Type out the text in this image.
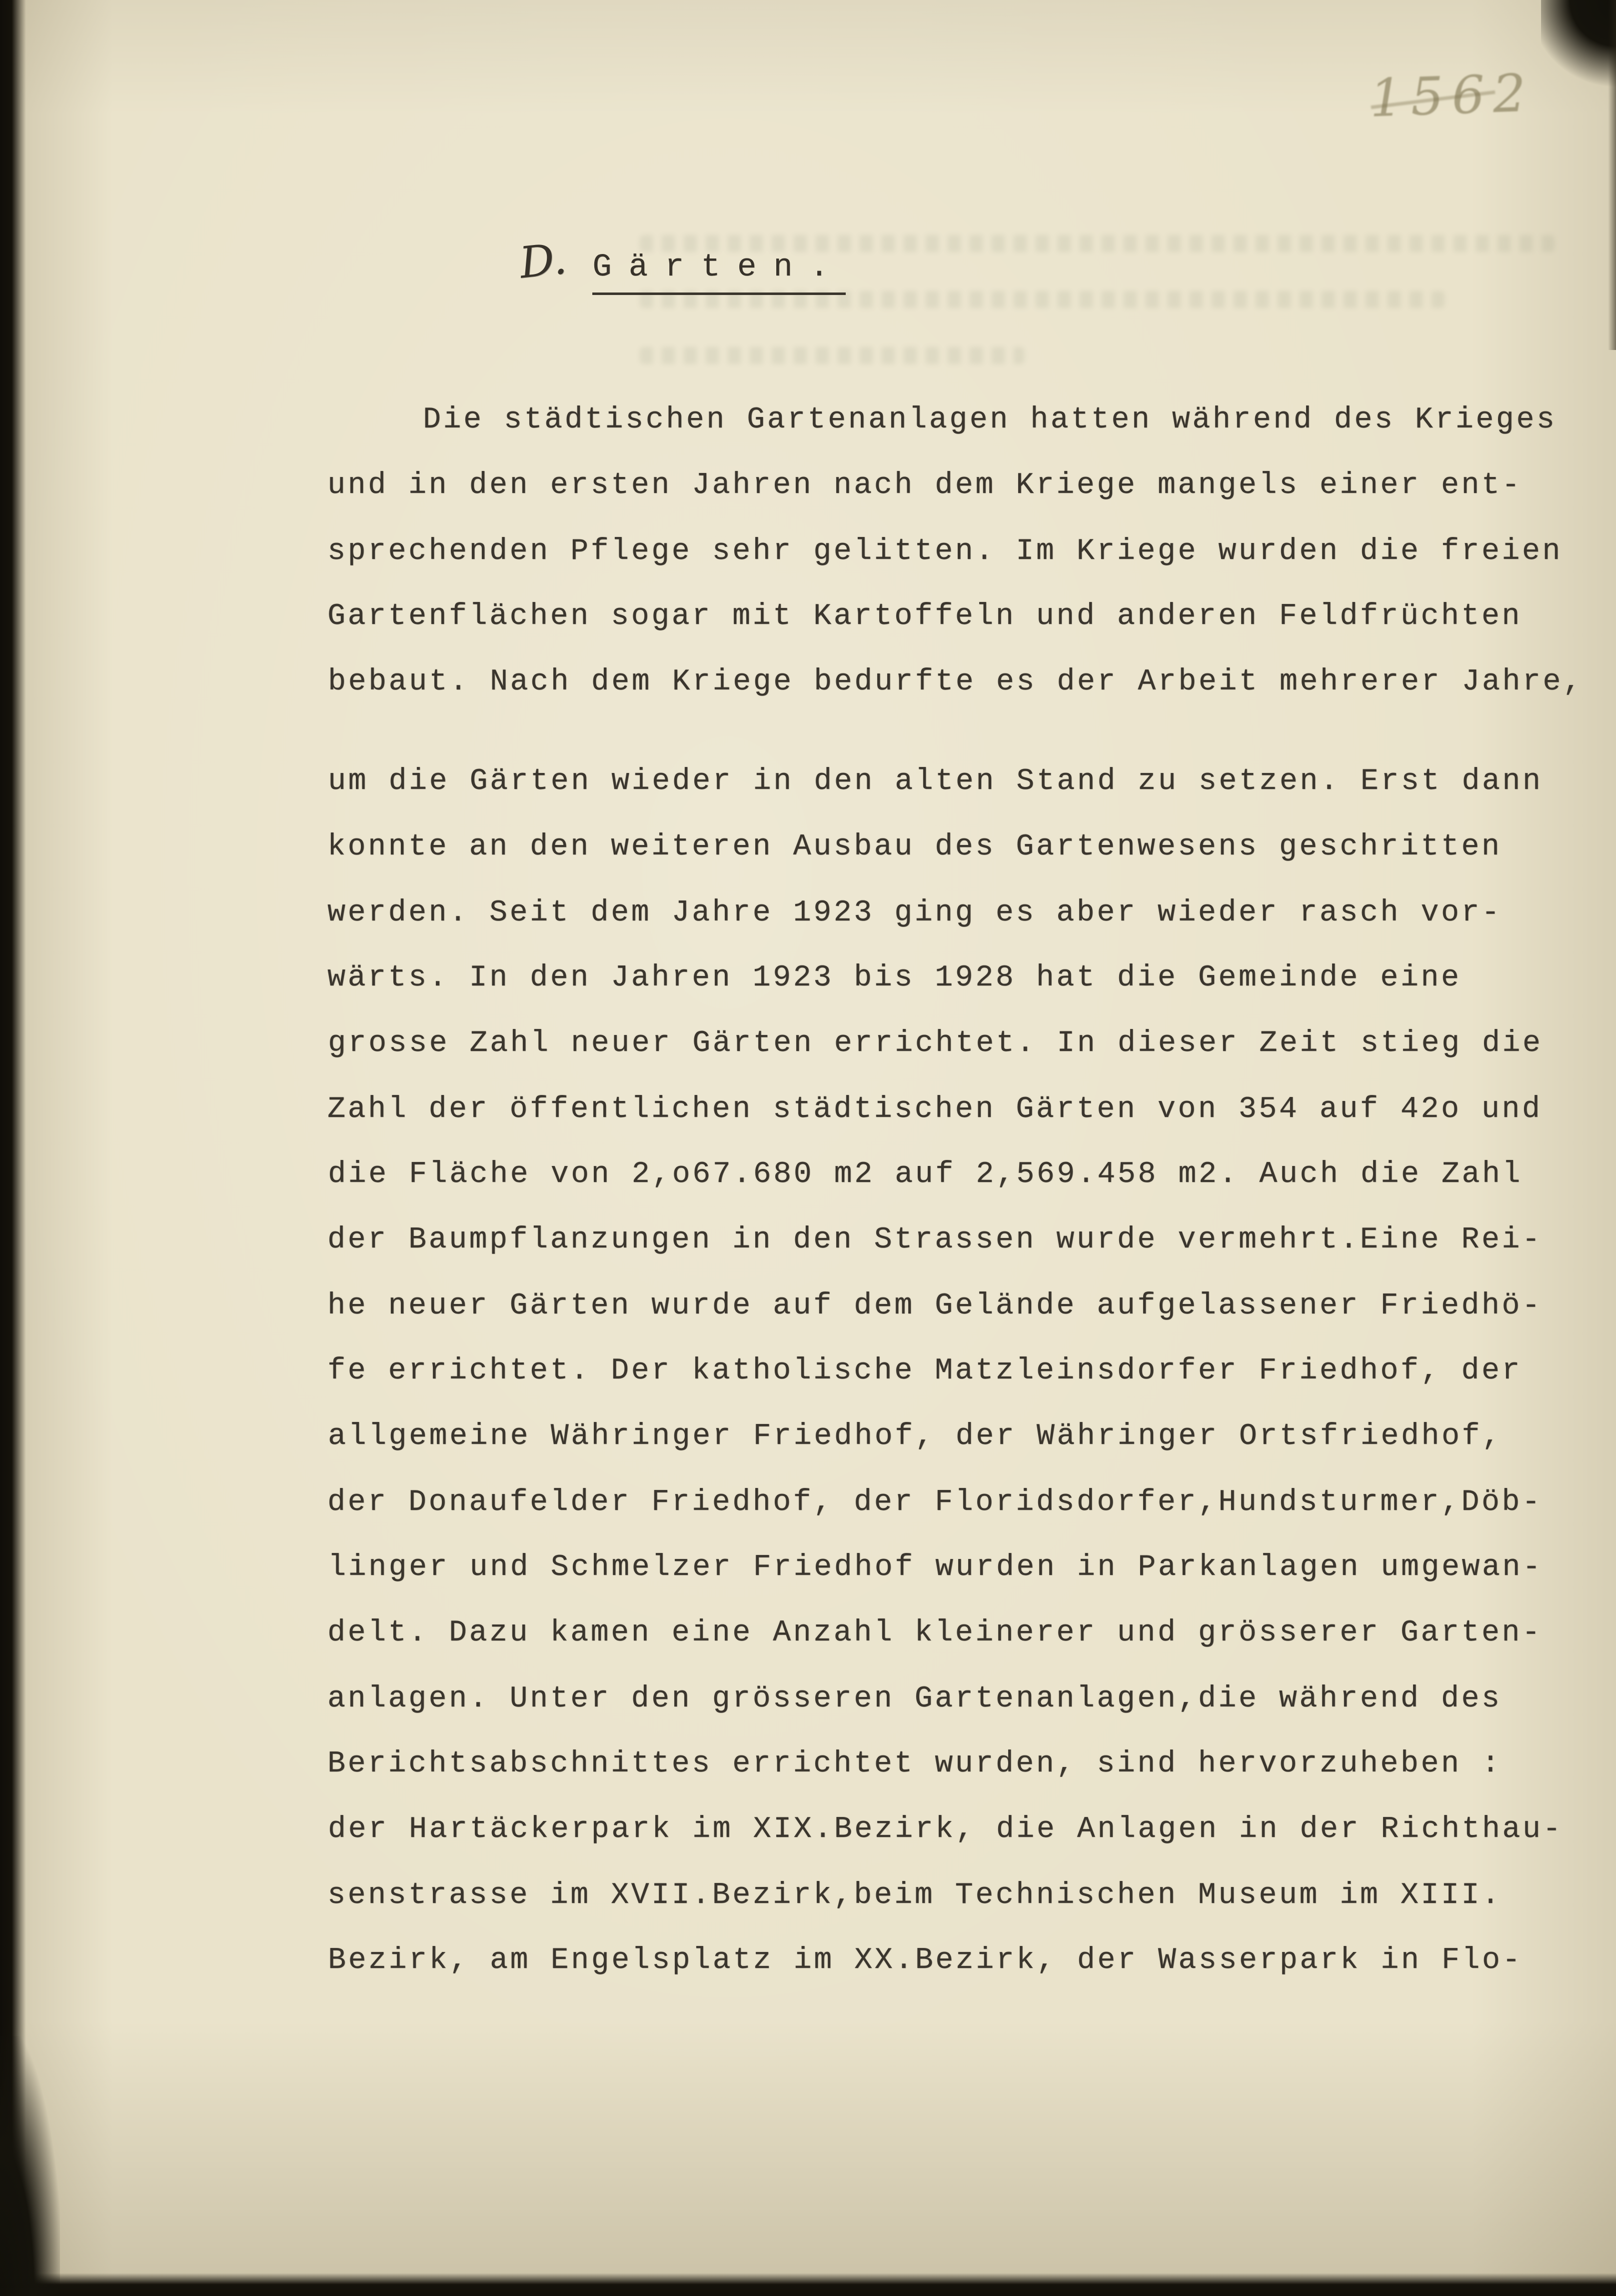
1562
D. Gärten.
Die städtischen Gartenanlagen hatten während des Krieges
und in den ersten Jahren nach dem Kriege mangels einer ent-
sprechenden Pflege sehr gelitten. Im Kriege wurden die freien
Gartenflächen sogar mit Kartoffeln und anderen Feldfrüchten
bebaut. Nach dem Kriege bedurfte es der Arbeit mehrerer Jahre,
um die Gärten wieder in den alten Stand zu setzen. Erst dann
konnte an den weiteren Ausbau des Gartenwesens geschritten
werden. Seit dem Jahre 1923 ging es aber wieder rasch vor-
wärts. In den Jahren 1923 bis 1928 hat die Gemeinde eine
grosse Zahl neuer Gärten errichtet. In dieser Zeit stieg die
Zahl der öffentlichen städtischen Gärten von 354 auf 42o und
die Fläche von 2,o67.680 m2 auf 2,569.458 m2. Auch die Zahl
der Baumpflanzungen in den Strassen wurde vermehrt.Eine Rei-
he neuer Gärten wurde auf dem Gelände aufgelassener Friedhö-
fe errichtet. Der katholische Matzleinsdorfer Friedhof, der
allgemeine Währinger Friedhof, der Währinger Ortsfriedhof,
der Donaufelder Friedhof, der Floridsdorfer,Hundsturmer,Döb-
linger und Schmelzer Friedhof wurden in Parkanlagen umgewan-
delt. Dazu kamen eine Anzahl kleinerer und grösserer Garten-
anlagen. Unter den grösseren Gartenanlagen,die während des
Berichtsabschnittes errichtet wurden, sind hervorzuheben :
der Hartäckerpark im XIX.Bezirk, die Anlagen in der Richthau-
senstrasse im XVII.Bezirk,beim Technischen Museum im XIII.
Bezirk, am Engelsplatz im XX.Bezirk, der Wasserpark in Flo-
